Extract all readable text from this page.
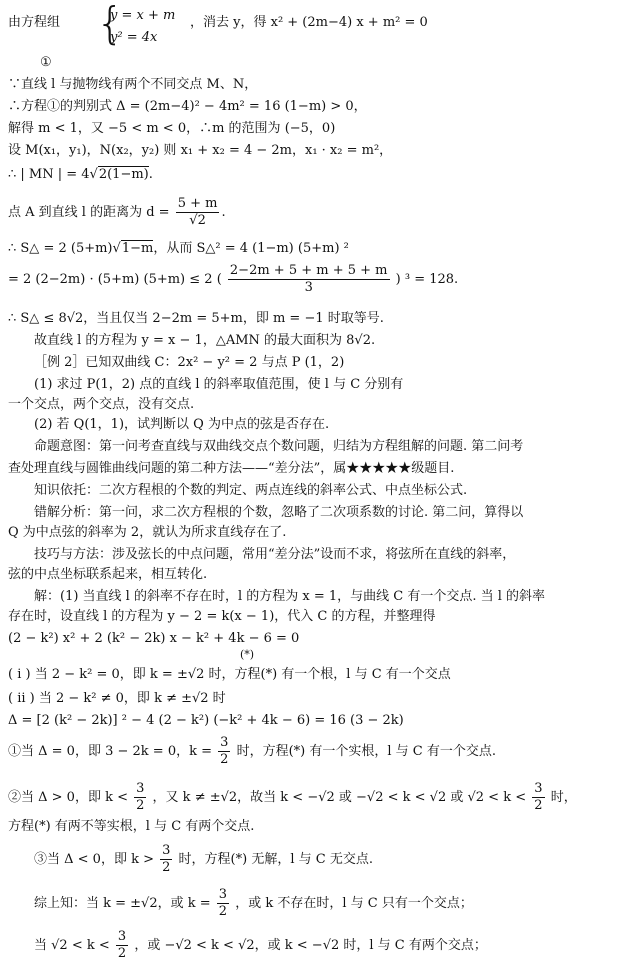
由方程组 {
y = x + m
y² = 4x
，消去 y，得 x² + (2m−4) x + m² = 0
①
∵直线 l 与抛物线有两个不同交点 M、N，
∴方程①的判别式 Δ = (2m−4)² − 4m² = 16 (1−m) > 0，
解得 m < 1，又 −5 < m < 0，∴m 的范围为 (−5，0)
设 M(x₁，y₁)，N(x₂，y₂) 则 x₁ + x₂ = 4 − 2m，x₁ · x₂ = m²，
∴ | MN | = 4√2(1−m).
点 A 到直线 l 的距离为 $d = \frac{5 + m}{√2}$ .
∴ S△ = 2 (5+m)√1−m，从而 S△² = 4 (1−m) (5+m) ²
= 2 (2−2m) · (5+m) (5+m) ≤ 2 ( $\frac{2-2m + 5 + m + 5 + m}{3}$ ) ³ = 128.
∴ S△ ≤ 8√2，当且仅当 2−2m = 5+m，即 m = −1 时取等号.
故直线 l 的方程为 y = x − 1，△AMN 的最大面积为 8√2.
［例 2］已知双曲线 C：2x² − y² = 2 与点 P (1，2)
(1) 求过 P(1，2) 点的直线 l 的斜率取值范围，使 l 与 C 分别有
一个交点，两个交点，没有交点.
(2) 若 Q(1，1)，试判断以 Q 为中点的弦是否存在.
命题意图：第一问考查直线与双曲线交点个数问题，归结为方程组解的问题. 第二问考
查处理直线与圆锥曲线问题的第二种方法——“差分法”，属★★★★★级题目.
知识依托：二次方程根的个数的判定、两点连线的斜率公式、中点坐标公式.
错解分析：第一问，求二次方程根的个数，忽略了二次项系数的讨论. 第二问，算得以
Q 为中点弦的斜率为 2，就认为所求直线存在了.
技巧与方法：涉及弦长的中点问题，常用“差分法”设而不求，将弦所在直线的斜率，
弦的中点坐标联系起来，相互转化.
解：(1) 当直线 l 的斜率不存在时，l 的方程为 x = 1，与曲线 C 有一个交点. 当 l 的斜率
存在时，设直线 l 的方程为 y − 2 = k(x − 1)，代入 C 的方程，并整理得
(2 − k²) x² + 2 (k² − 2k) x − k² + 4k − 6 = 0
(*)
( i ) 当 2 − k² = 0，即 k = ±√2 时，方程(*) 有一个根，l 与 C 有一个交点
( ii ) 当 2 − k² ≠ 0，即 k ≠ ±√2 时
Δ = [2 (k² − 2k)] ² − 4 (2 − k²) (−k² + 4k − 6) = 16 (3 − 2k)
①当 Δ = 0，即 3 − 2k = 0，$k = \frac{3}{2}$ 时，方程(*) 有一个实根，l 与 C 有一个交点.
②当 Δ > 0，即 $k < \frac{3}{2}$ ，又 k ≠ ±√2，故当 k < −√2 或 −√2 < k < √2 或 $√2 < k < \frac{3}{2}$ 时，
方程(*) 有两不等实根，l 与 C 有两个交点.
③当 Δ < 0，即 $k > \frac{3}{2}$ 时，方程(*) 无解，l 与 C 无交点.
综上知：当 k = ±√2，或 $k = \frac{3}{2}$ ，或 k 不存在时，l 与 C 只有一个交点；
当 $√2 < k < \frac{3}{2}$ ，或 −√2 < k < √2，或 k < −√2 时，l 与 C 有两个交点；
